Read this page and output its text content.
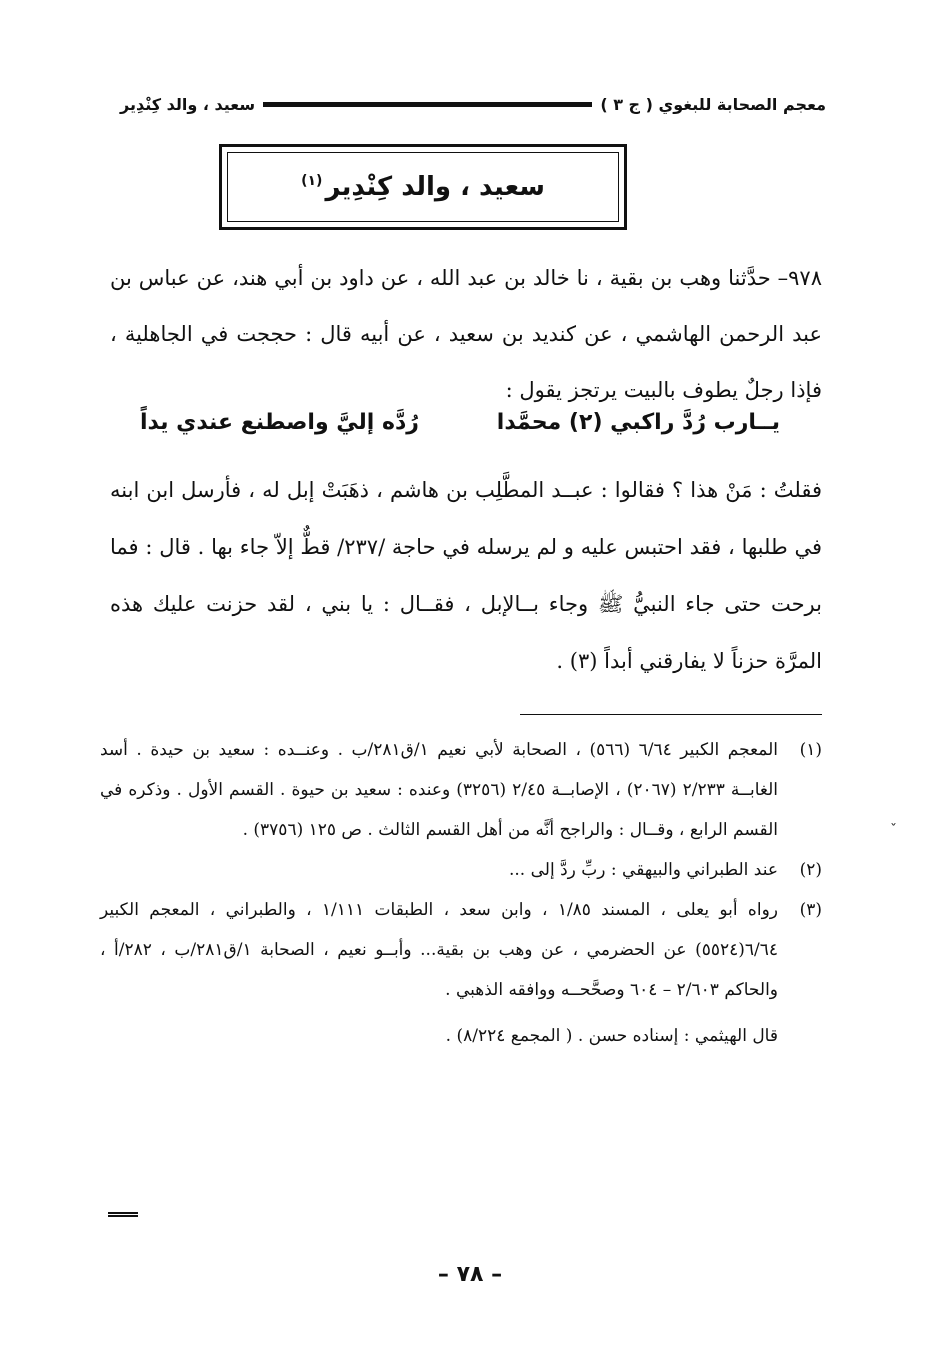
معجم الصحابة للبغوي ( ج ٣ )
سعيد ، والد كِنْدِير
سعيد ، والد كِنْدِير$^{(١)}$

٩٧٨– حدَّثنا وهب بن بقية ، نا خالد بن عبد الله ، عن داود بن أبي هند، عن عباس بن عبد الرحمن الهاشمي ، عن كنديد بن سعيد ، عن أبيه قال : حججت في الجاهلية ، فإذا رجلٌ يطوف بالبيت يرتجز يقول :

يــارب رُدَّ راكبي (٢) محمَّدا
رُدَّه إليَّ واصطنع عندي يداً

فقلتُ : مَنْ هذا ؟ فقالوا : عبــد المطَّلِب بن هاشم ، ذهَبَتْ إبل له ، فأرسل ابن ابنه في طلبها ، فقد احتبس عليه و لم يرسله في حاجة /٢٣٧/ قطٌّ إلاّ جاء بها . قال : فما برحت حتى جاء النبيُّ ﷺ وجاء بــالإبل ، فقــال : يا بني ، لقد حزنت عليك هذه المرَّة حزناً لا يفارقني أبداً (٣) .

(١)
المعجم الكبير ٦/٦٤ (٥٦٦) ، الصحابة لأبي نعيم ١/ق٢٨١/ب . وعنــده : سعيد بن حيدة . أسد الغابــة ٢/٢٣٣ (٢٠٦٧) ، الإصابــة ٢/٤٥ (٣٢٥٦) وعنده : سعيد بن حيوة . القسم الأول . وذكره في القسم الرابع ، وقــال : والراجح أنَّه من أهل القسم الثالث . ص ١٢٥ (٣٧٥٦) .
(٢)
عند الطبراني والبيهقي : ربِّ ردَّ إلى ...
(٣)
رواه أبو يعلى ، المسند ١/٨٥ ، وابن سعد ، الطبقات ١/١١١ ، والطبراني ، المعجم الكبير ٦/٦٤(٥٥٢٤) عن الحضرمي ، عن وهب بن بقية... وأبــو نعيم ، الصحابة ١/ق٢٨١/ب ، ٢٨٢/أ ، والحاكم ٢/٦٠٣ – ٦٠٤ وصحَّحــه ووافقه الذهبي .

قال الهيثمي : إسناده حسن . ( المجمع ٨/٢٢٤) .

ˇ
– ٧٨ –
